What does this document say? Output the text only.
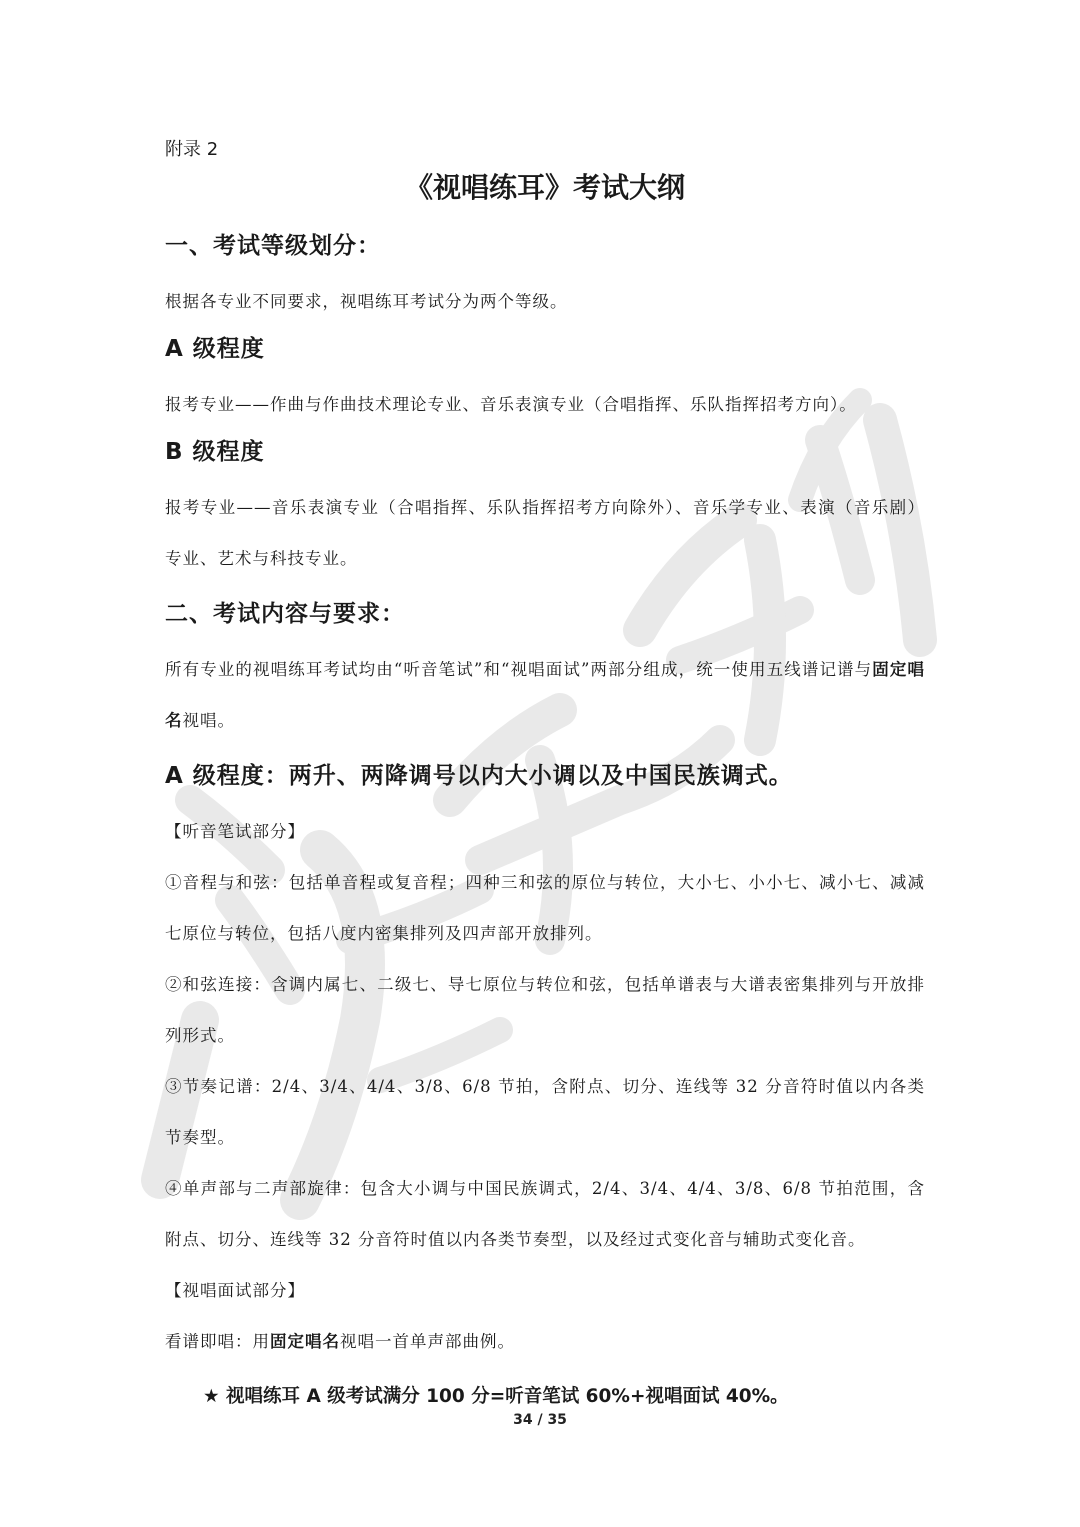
附录 2

《视唱练耳》考试大纲
一、考试等级划分：

根据各专业不同要求，视唱练耳考试分为两个等级。

A 级程度

报考专业——作曲与作曲技术理论专业、音乐表演专业（合唱指挥、乐队指挥招考方向）。

B 级程度

报考专业——音乐表演专业（合唱指挥、乐队指挥招考方向除外）、音乐学专业、表演（音乐剧）专业、艺术与科技专业。

二、考试内容与要求：

所有专业的视唱练耳考试均由“听音笔试”和“视唱面试”两部分组成，统一使用五线谱记谱与固定唱名视唱。

A 级程度：两升、两降调号以内大小调以及中国民族调式。

【听音笔试部分】

①音程与和弦：包括单音程或复音程；四种三和弦的原位与转位，大小七、小小七、减小七、减减七原位与转位，包括八度内密集排列及四声部开放排列。

②和弦连接：含调内属七、二级七、导七原位与转位和弦，包括单谱表与大谱表密集排列与开放排列形式。

③节奏记谱：2/4、3/4、4/4、3/8、6/8 节拍，含附点、切分、连线等 32 分音符时值以内各类节奏型。

④单声部与二声部旋律：包含大小调与中国民族调式，2/4、3/4、4/4、3/8、6/8 节拍范围，含附点、切分、连线等 32 分音符时值以内各类节奏型，以及经过式变化音与辅助式变化音。

【视唱面试部分】

看谱即唱：用固定唱名视唱一首单声部曲例。

★ 视唱练耳 A 级考试满分 100 分=听音笔试 60%+视唱面试 40%。

34 / 35
